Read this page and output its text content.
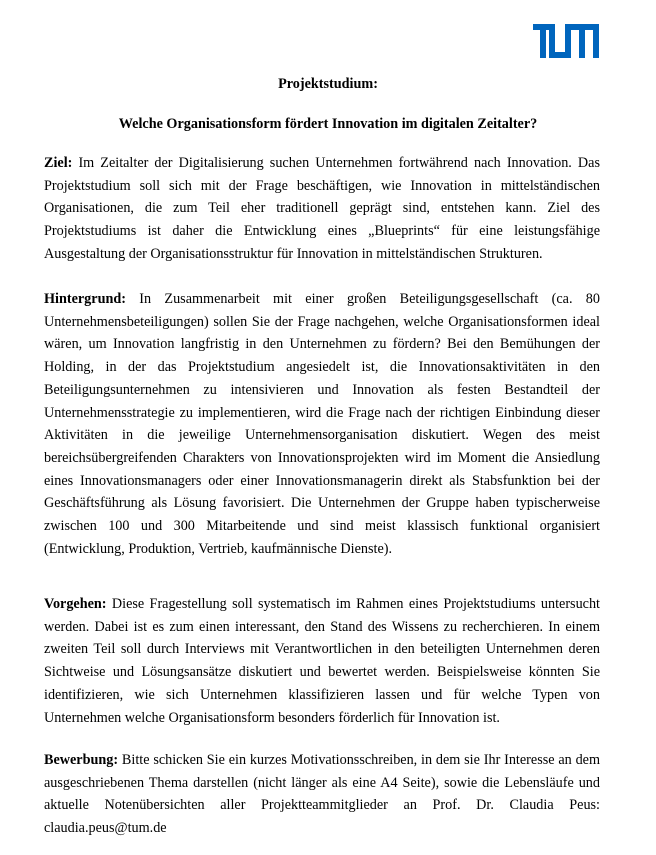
Projektstudium:
Welche Organisationsform fördert Innovation im digitalen Zeitalter?

Ziel: Im Zeitalter der Digitalisierung suchen Unternehmen fortwährend nach Innovation. Das Projektstudium soll sich mit der Frage beschäftigen, wie Innovation in mittelständischen Organisationen, die zum Teil eher traditionell geprägt sind, entstehen kann. Ziel des Projektstudiums ist daher die Entwicklung eines „Blueprints“ für eine leistungsfähige Ausgestaltung der Organisationsstruktur für Innovation in mittelständischen Strukturen.

Hintergrund: In Zusammenarbeit mit einer großen Beteiligungsgesellschaft (ca. 80 Unternehmensbeteiligungen) sollen Sie der Frage nachgehen, welche Organisationsformen ideal wären, um Innovation langfristig in den Unternehmen zu fördern? Bei den Bemühungen der Holding, in der das Projektstudium angesiedelt ist, die Innovationsaktivitäten in den Beteiligungsunternehmen zu intensivieren und Innovation als festen Bestandteil der Unternehmensstrategie zu implementieren, wird die Frage nach der richtigen Einbindung dieser Aktivitäten in die jeweilige Unternehmensorganisation diskutiert. Wegen des meist bereichsübergreifenden Charakters von Innovationsprojekten wird im Moment die Ansiedlung eines Innovationsmanagers oder einer Innovationsmanagerin direkt als Stabsfunktion bei der Geschäftsführung als Lösung favorisiert. Die Unternehmen der Gruppe haben typischerweise zwischen 100 und 300 Mitarbeitende und sind meist klassisch funktional organisiert (Entwicklung, Produktion, Vertrieb, kaufmännische Dienste).

Vorgehen: Diese Fragestellung soll systematisch im Rahmen eines Projektstudiums untersucht werden. Dabei ist es zum einen interessant, den Stand des Wissens zu recherchieren. In einem zweiten Teil soll durch Interviews mit Verantwortlichen in den beteiligten Unternehmen deren Sichtweise und Lösungsansätze diskutiert und bewertet werden. Beispielsweise könnten Sie identifizieren, wie sich Unternehmen klassifizieren lassen und für welche Typen von Unternehmen welche Organisationsform besonders förderlich für Innovation ist.

Bewerbung: Bitte schicken Sie ein kurzes Motivationsschreiben, in dem sie Ihr Interesse an dem ausgeschriebenen Thema darstellen (nicht länger als eine A4 Seite), sowie die Lebensläufe und aktuelle Notenübersichten aller Projektteammitglieder an Prof. Dr. Claudia Peus: claudia.peus@tum.de
